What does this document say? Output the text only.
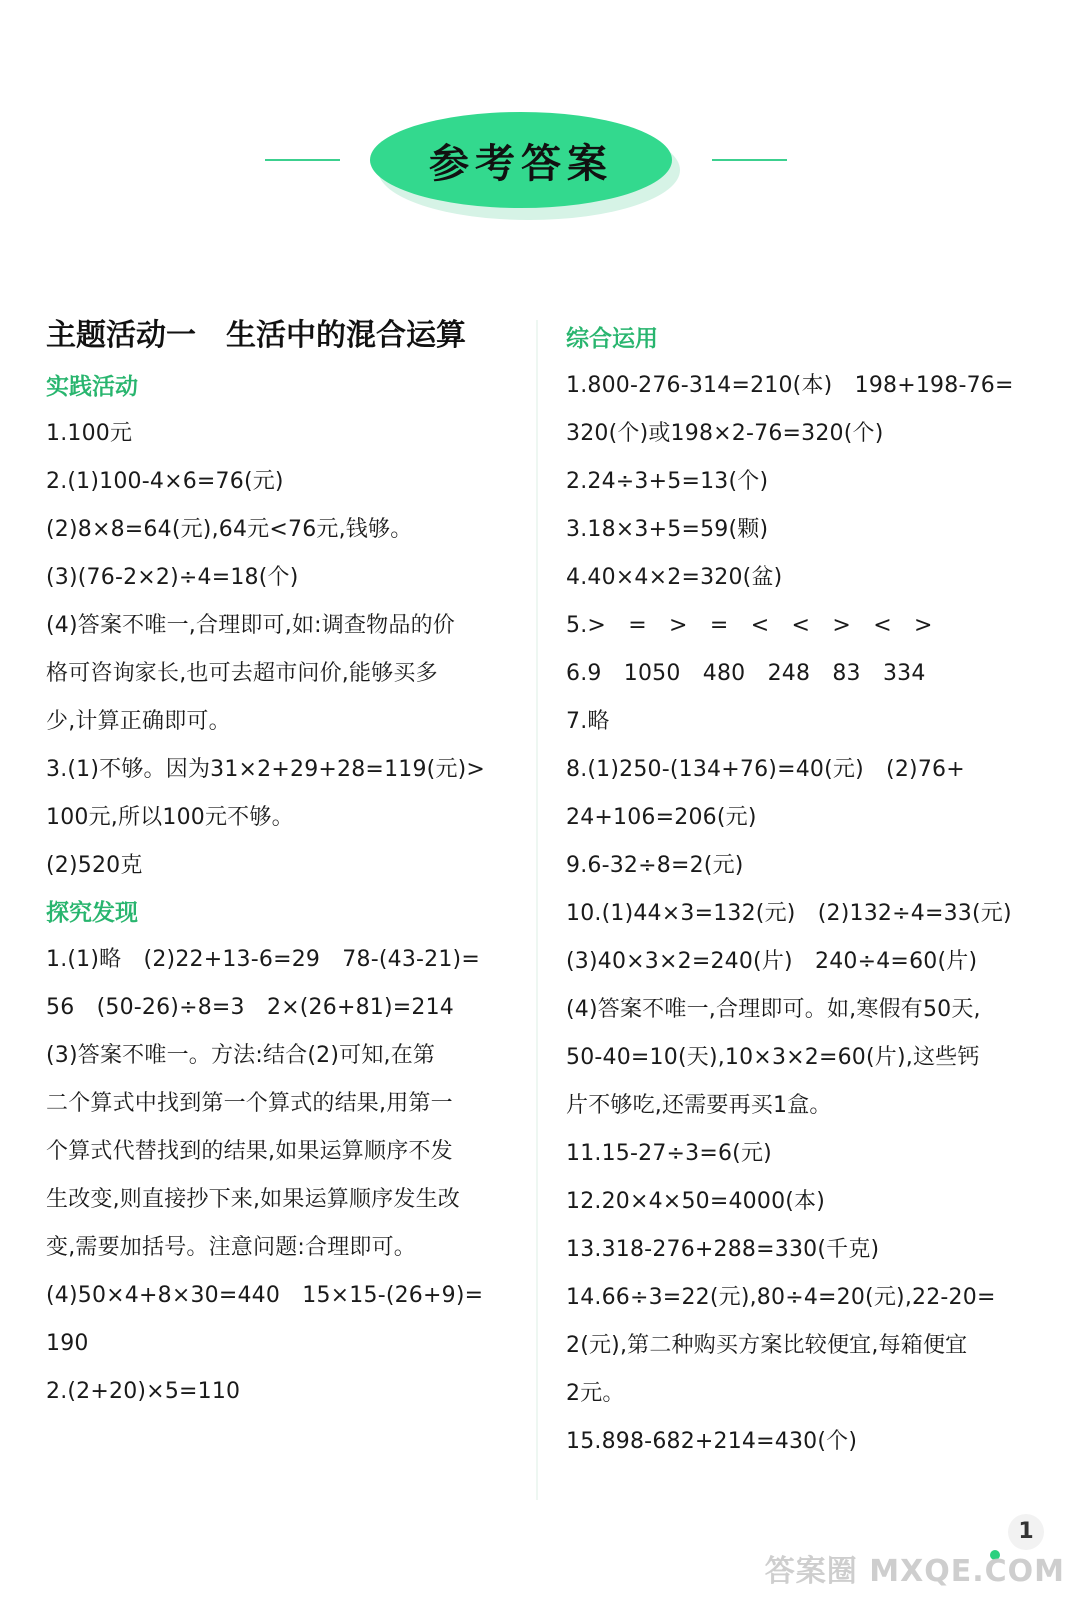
参考答案
主题活动一　生活中的混合运算
实践活动
1.100元
2.(1)100-4×6=76(元)
(2)8×8=64(元),64元<76元,钱够。
(3)(76-2×2)÷4=18(个)
(4)答案不唯一,合理即可,如:调查物品的价
格可咨询家长,也可去超市问价,能够买多
少,计算正确即可。
3.(1)不够。因为31×2+29+28=119(元)>
100元,所以100元不够。
(2)520克
探究发现
1.(1)略　(2)22+13-6=29　78-(43-21)=
56　(50-26)÷8=3　2×(26+81)=214
(3)答案不唯一。方法:结合(2)可知,在第
二个算式中找到第一个算式的结果,用第一
个算式代替找到的结果,如果运算顺序不发
生改变,则直接抄下来,如果运算顺序发生改
变,需要加括号。注意问题:合理即可。
(4)50×4+8×30=440　15×15-(26+9)=
190
2.(2+20)×5=110
综合运用
1.800-276-314=210(本)　198+198-76=
320(个)或198×2-76=320(个)
2.24÷3+5=13(个)
3.18×3+5=59(颗)
4.40×4×2=320(盆)
5.>　=　>　=　<　<　>　<　>
6.9　1050　480　248　83　334
7.略
8.(1)250-(134+76)=40(元)　(2)76+
24+106=206(元)
9.6-32÷8=2(元)
10.(1)44×3=132(元)　(2)132÷4=33(元)
(3)40×3×2=240(片)　240÷4=60(片)
(4)答案不唯一,合理即可。如,寒假有50天,
50-40=10(天),10×3×2=60(片),这些钙
片不够吃,还需要再买1盒。
11.15-27÷3=6(元)
12.20×4×50=4000(本)
13.318-276+288=330(千克)
14.66÷3=22(元),80÷4=20(元),22-20=
2(元),第二种购买方案比较便宜,每箱便宜
2元。
15.898-682+214=430(个)
1
答案圈 MXQE.COM
